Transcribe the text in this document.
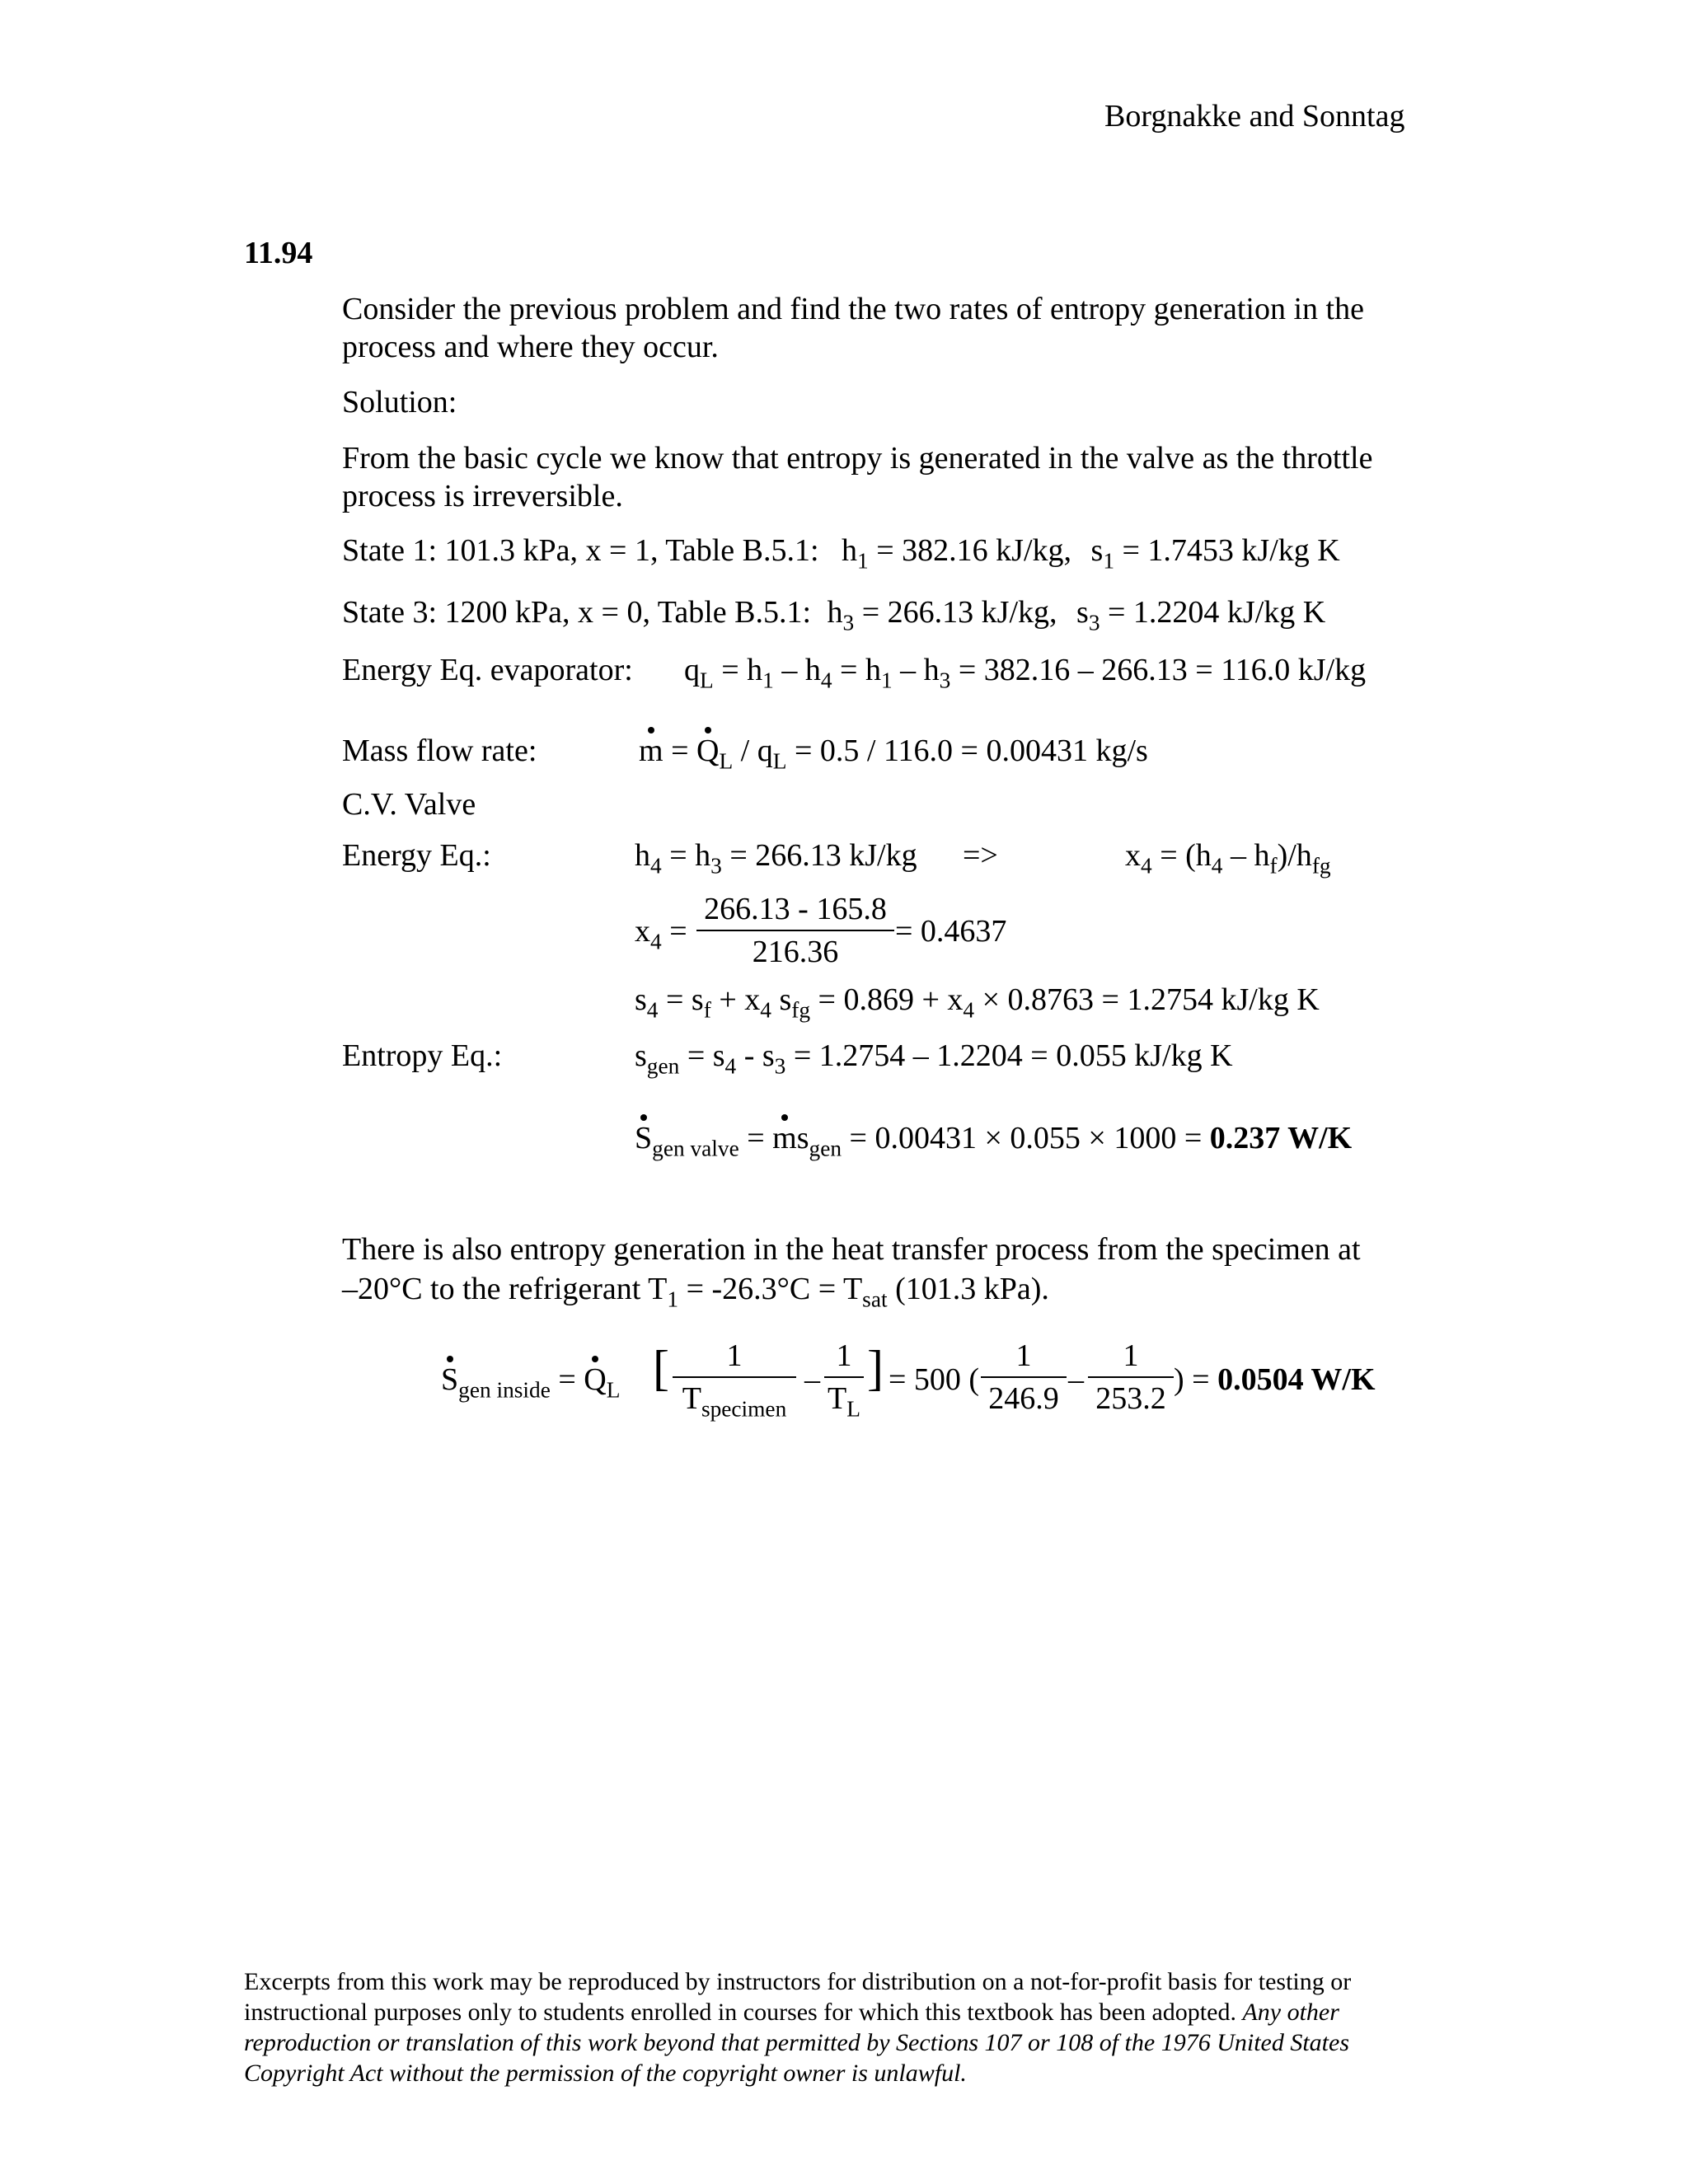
Borgnakke and Sonntag
11.94
Consider the previous problem and find the two rates of entropy generation in the process and where they occur.
Solution:
From the basic cycle we know that entropy is generated in the valve as the throttle process is irreversible.
State 1: 101.3 kPa, x = 1, Table B.5.1: $h_1 = 382.16$ kJ/kg, $s_1 = 1.7453$ kJ/kg K
State 3: 1200 kPa, x = 0, Table B.5.1: $h_3 = 266.13$ kJ/kg, $s_3 = 1.2204$ kJ/kg K
Energy Eq. evaporator: $q_L = h_1 - h_4 = h_1 - h_3 = 382.16 - 266.13 = 116.0$ kJ/kg
Mass flow rate:	$m = Q_L / q_L = 0.5 / 116.0 = 0.00431$ kg/s
C.V. Valve
Energy Eq.:	$h_4 = h_3 = 266.13$ kJ/kg =>	$x_4 = (h_4 - h_f)/h_{fg}$
$x_4$ =
266.13 - 165.8
216.36
= 0.4637
$s_4 = s_f + x_4$ $s_{fg} = 0.869 + x_4 \times 0.8763 = 1.2754$ kJ/kg K
Entropy Eq.:	$s_{gen} = s_4 - s_3 = 1.2754 - 1.2204 = 0.055$ kJ/kg K
$S_{gen valve} = ms_{gen} = 0.00431 \times 0.055 \times 1000 = 0.237$ W/K
There is also entropy generation in the heat transfer process from the specimen at
–20°C to the refrigerant $T_1 = -26.3^\circ C = T_{sat}$ (101.3 kPa).
$S_{gen inside} = Q_L$ [	1
$T_{specimen}$
–
1
$T_L$
] = 500 (
1
246.9
–
1
253.2
) = 0.0504 W/K
Excerpts from this work may be reproduced by instructors for distribution on a not-for-profit basis for testing or instructional purposes only to students enrolled in courses for which this textbook has been adopted. Any other reproduction or translation of this work beyond that permitted by Sections 107 or 108 of the 1976 United States Copyright Act without the permission of the copyright owner is unlawful.
